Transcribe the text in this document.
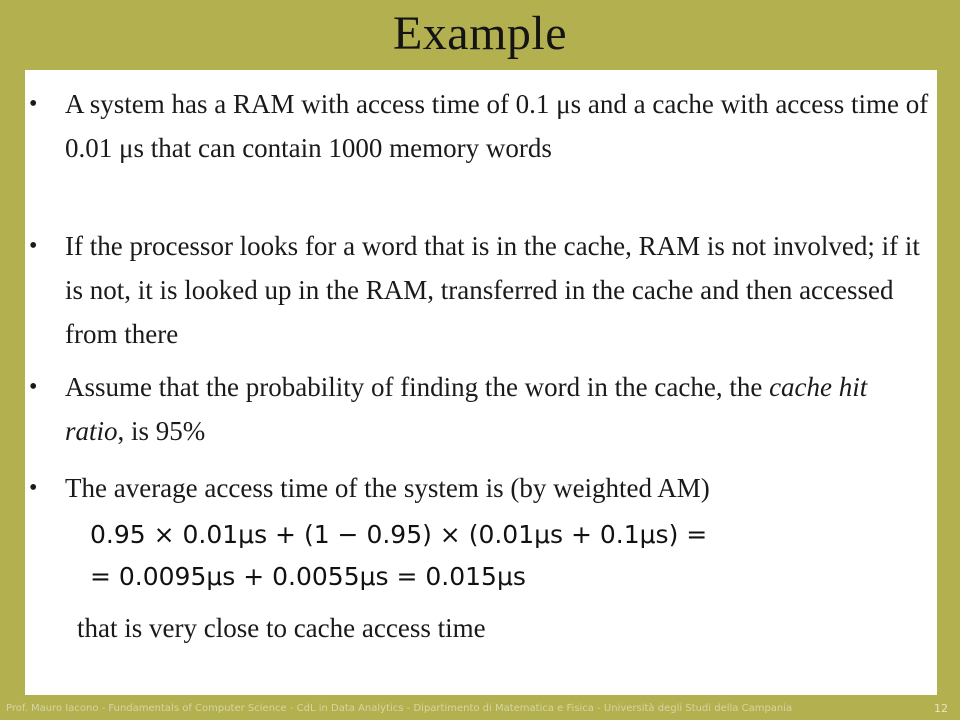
Example
• A system has a RAM with access time of 0.1 μs and a cache with access time of 0.01 μs that can contain 1000 memory words
• If the processor looks for a word that is in the cache, RAM is not involved; if it is not, it is looked up in the RAM, transferred in the cache and then accessed from there
• Assume that the probability of finding the word in the cache, the cache hit ratio, is 95%
• The average access time of the system is (by weighted AM)
0.95 × 0.01μs + (1 − 0.95) × (0.01μs + 0.1μs) =
= 0.0095μs + 0.0055μs = 0.015μs
that is very close to cache access time
Prof. Mauro Iacono - Fundamentals of Computer Science - CdL in Data Analytics - Dipartimento di Matematica e Fisica - Università degli Studi della Campania	12
